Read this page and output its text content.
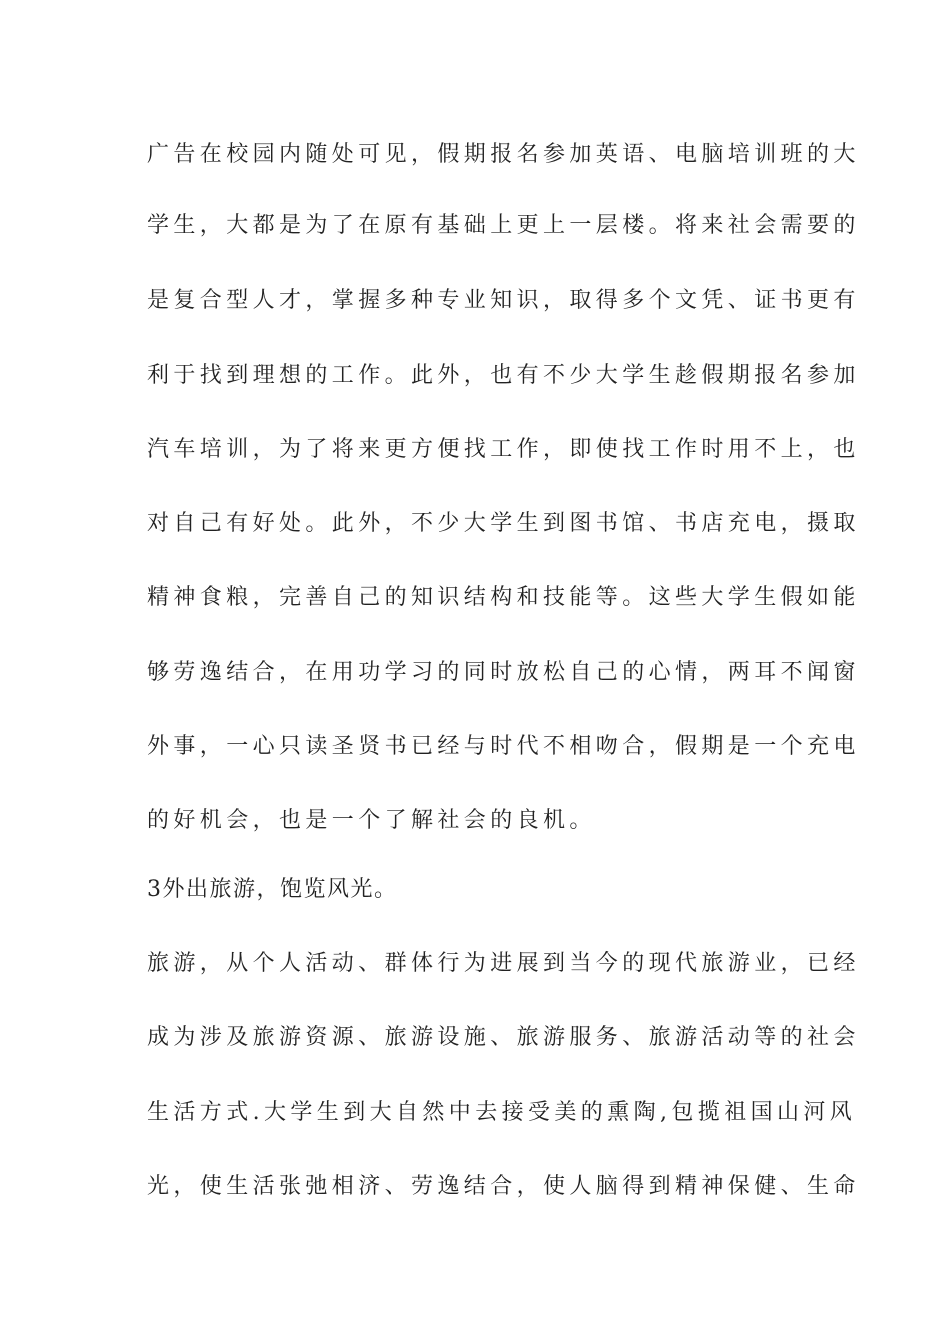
广告在校园内随处可见，假期报名参加英语、电脑培训班的大
学生，大都是为了在原有基础上更上一层楼。将来社会需要的
是复合型人才，掌握多种专业知识，取得多个文凭、证书更有
利于找到理想的工作。此外，也有不少大学生趁假期报名参加
汽车培训，为了将来更方便找工作，即使找工作时用不上，也
对自己有好处。此外，不少大学生到图书馆、书店充电，摄取
精神食粮，完善自己的知识结构和技能等。这些大学生假如能
够劳逸结合，在用功学习的同时放松自己的心情，两耳不闻窗
外事，一心只读圣贤书已经与时代不相吻合，假期是一个充电
的好机会，也是一个了解社会的良机。
3外出旅游，饱览风光。
旅游，从个人活动、群体行为进展到当今的现代旅游业，已经
成为涉及旅游资源、旅游设施、旅游服务、旅游活动等的社会
生活方式.大学生到大自然中去接受美的熏陶,包揽祖国山河风
光，使生活张弛相济、劳逸结合，使人脑得到精神保健、生命
